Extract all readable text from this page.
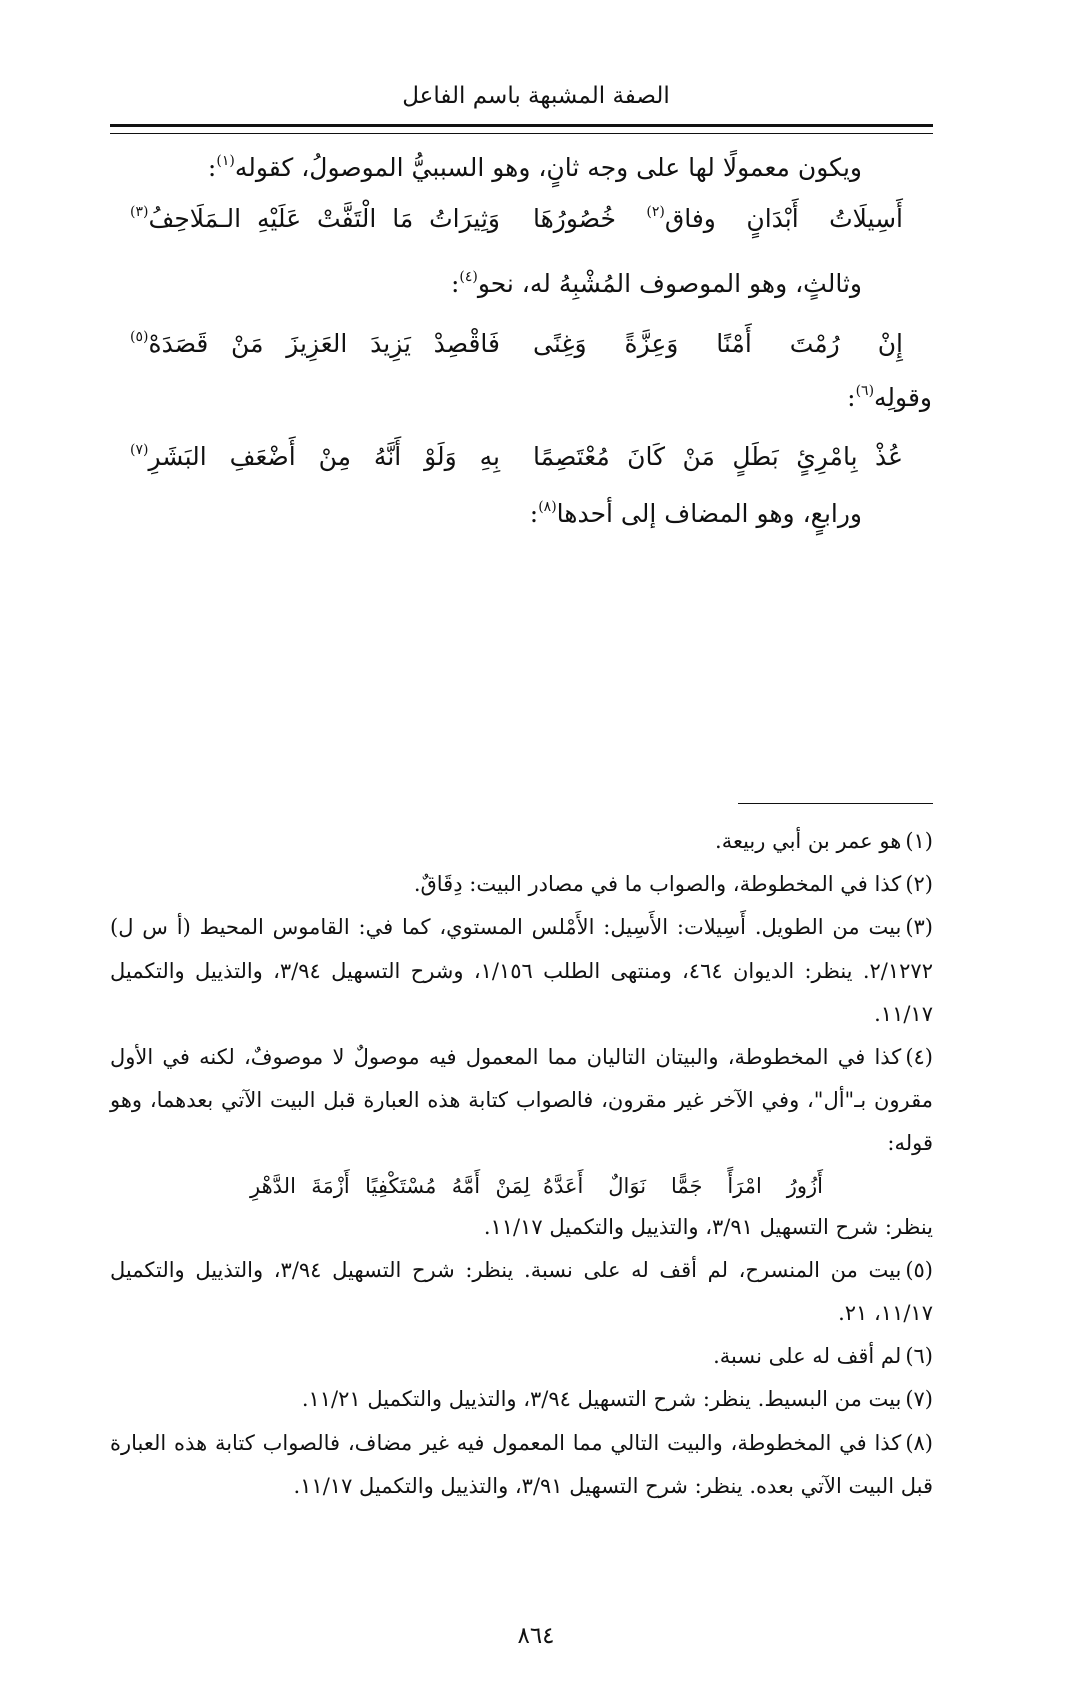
الصفة المشبهة باسم الفاعل
ويكون معمولًا لها على وجه ثانٍ، وهو السببيُّ الموصولُ، كقوله$^{(١)}$:
أَسِيلَاتُ أَبْدَانٍ وفاق$^{(٢)}$ خُصُورُهَا
وَثِيرَاتُ مَا الْتَفَّتْ عَلَيْهِ الـمَلَاحِفُ$^{(٣)}$
وثالثٍ، وهو الموصوف المُشْبِهُ له، نحو$^{(٤)}$:
إِنْ رُمْتَ أَمْنًا وَعِزَّةً وَغِنًى
فَاقْصِدْ يَزِيدَ العَزِيزَ مَنْ قَصَدَهْ$^{(٥)}$
وقولِه$^{(٦)}$:
عُذْ بِامْرِئٍ بَطَلٍ مَنْ كَانَ مُعْتَصِمًا
بِهِ وَلَوْ أَنَّهُ مِنْ أَضْعَفِ البَشَرِ$^{(٧)}$
ورابعٍ، وهو المضاف إلى أحدها$^{(٨)}$:

(١)هو عمر بن أبي ربيعة.

(٢)كذا في المخطوطة، والصواب ما في مصادر البيت: دِقَاقٌ.

(٣)بيت من الطويل. أَسِيلات: الأَسِيل: الأَمْلس المستوي، كما في: القاموس المحيط (أ س ل) ٢/١٢٧٢. ينظر: الديوان ٤٦٤، ومنتهى الطلب ١/١٥٦، وشرح التسهيل ٣/٩٤، والتذييل والتكميل ١١/١٧.

(٤)كذا في المخطوطة، والبيتان التاليان مما المعمول فيه موصولٌ لا موصوفٌ، لكنه في الأول مقرون بـ"أل"، وفي الآخر غير مقرون، فالصواب كتابة هذه العبارة قبل البيت الآتي بعدهما، وهو قوله:

أَزُورُ امْرَأً جَمًّا نَوَالٌ أَعَدَّهُ
لِمَنْ أَمَّهُ مُسْتَكْفِيًا أَزْمَةَ الدَّهْرِ

ينظر: شرح التسهيل ٣/٩١، والتذييل والتكميل ١١/١٧.

(٥)بيت من المنسرح، لم أقف له على نسبة. ينظر: شرح التسهيل ٣/٩٤، والتذييل والتكميل ١١/١٧، ٢١.

(٦)لم أقف له على نسبة.

(٧)بيت من البسيط. ينظر: شرح التسهيل ٣/٩٤، والتذييل والتكميل ١١/٢١.

(٨)كذا في المخطوطة، والبيت التالي مما المعمول فيه غير مضاف، فالصواب كتابة هذه العبارة قبل البيت الآتي بعده. ينظر: شرح التسهيل ٣/٩١، والتذييل والتكميل ١١/١٧.

٨٦٤
